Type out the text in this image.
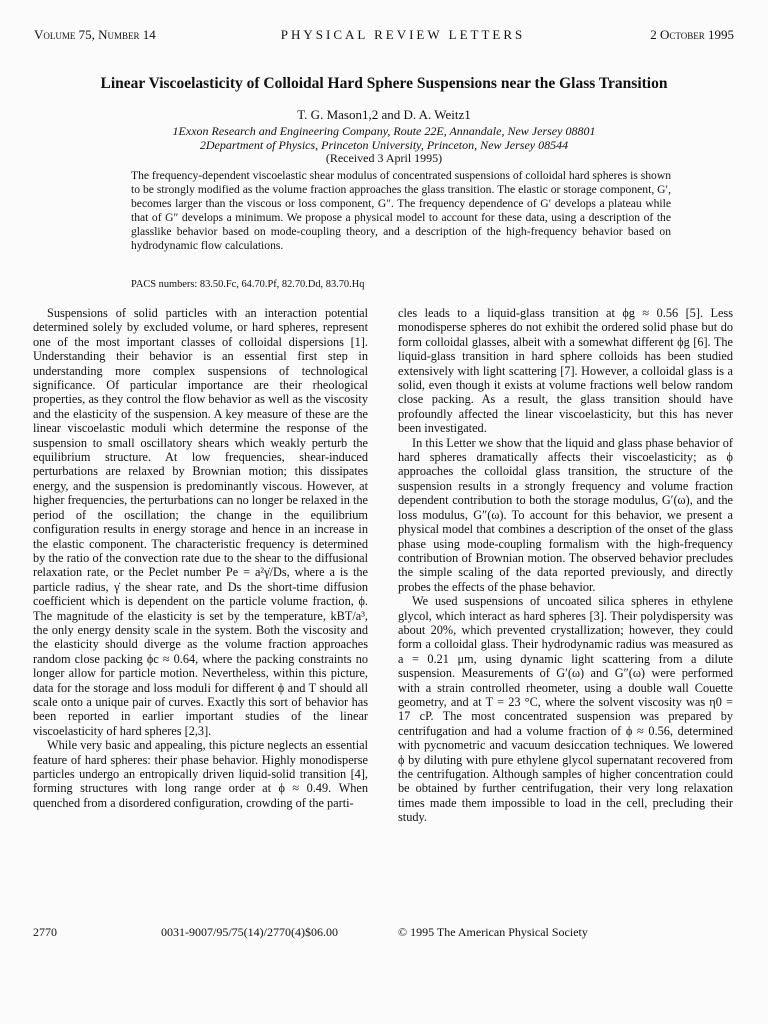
Volume 75, Number 14	PHYSICAL REVIEW LETTERS	2 October 1995
Linear Viscoelasticity of Colloidal Hard Sphere Suspensions near the Glass Transition
T. G. Mason1,2 and D. A. Weitz1
1Exxon Research and Engineering Company, Route 22E, Annandale, New Jersey 08801
2Department of Physics, Princeton University, Princeton, New Jersey 08544
(Received 3 April 1995)
The frequency-dependent viscoelastic shear modulus of concentrated suspensions of colloidal hard spheres is shown to be strongly modified as the volume fraction approaches the glass transition. The elastic or storage component, G′, becomes larger than the viscous or loss component, G″. The frequency dependence of G′ develops a plateau while that of G″ develops a minimum. We propose a physical model to account for these data, using a description of the glasslike behavior based on mode-coupling theory, and a description of the high-frequency behavior based on hydrodynamic flow calculations.
PACS numbers: 83.50.Fc, 64.70.Pf, 82.70.Dd, 83.70.Hq

Suspensions of solid particles with an interaction potential determined solely by excluded volume, or hard spheres, represent one of the most important classes of colloidal dispersions [1]. Understanding their behavior is an essential first step in understanding more complex suspensions of technological significance. Of particular importance are their rheological properties, as they control the flow behavior as well as the viscosity and the elasticity of the suspension. A key measure of these are the linear viscoelastic moduli which determine the response of the suspension to small oscillatory shears which weakly perturb the equilibrium structure. At low frequencies, shear-induced perturbations are relaxed by Brownian motion; this dissipates energy, and the suspension is predominantly viscous. However, at higher frequencies, the perturbations can no longer be relaxed in the period of the oscillation; the change in the equilibrium configuration results in energy storage and hence in an increase in the elastic component. The characteristic frequency is determined by the ratio of the convection rate due to the shear to the diffusional relaxation rate, or the Peclet number Pe = a²γ̇/Ds, where a is the particle radius, γ̇ the shear rate, and Ds the short-time diffusion coefficient which is dependent on the particle volume fraction, ϕ. The magnitude of the elasticity is set by the temperature, kBT/a³, the only energy density scale in the system. Both the viscosity and the elasticity should diverge as the volume fraction approaches random close packing ϕc ≈ 0.64, where the packing constraints no longer allow for particle motion. Nevertheless, within this picture, data for the storage and loss moduli for different ϕ and T should all scale onto a unique pair of curves. Exactly this sort of behavior has been reported in earlier important studies of the linear viscoelasticity of hard spheres [2,3].

While very basic and appealing, this picture neglects an essential feature of hard spheres: their phase behavior. Highly monodisperse particles undergo an entropically driven liquid-solid transition [4], forming structures with long range order at ϕ ≈ 0.49. When quenched from a disordered configuration, crowding of the parti-

cles leads to a liquid-glass transition at ϕg ≈ 0.56 [5]. Less monodisperse spheres do not exhibit the ordered solid phase but do form colloidal glasses, albeit with a somewhat different ϕg [6]. The liquid-glass transition in hard sphere colloids has been studied extensively with light scattering [7]. However, a colloidal glass is a solid, even though it exists at volume fractions well below random close packing. As a result, the glass transition should have profoundly affected the linear viscoelasticity, but this has never been investigated.

In this Letter we show that the liquid and glass phase behavior of hard spheres dramatically affects their viscoelasticity; as ϕ approaches the colloidal glass transition, the structure of the suspension results in a strongly frequency and volume fraction dependent contribution to both the storage modulus, G′(ω), and the loss modulus, G″(ω). To account for this behavior, we present a physical model that combines a description of the onset of the glass phase using mode-coupling formalism with the high-frequency contribution of Brownian motion. The observed behavior precludes the simple scaling of the data reported previously, and directly probes the effects of the phase behavior.

We used suspensions of uncoated silica spheres in ethylene glycol, which interact as hard spheres [3]. Their polydispersity was about 20%, which prevented crystallization; however, they could form a colloidal glass. Their hydrodynamic radius was measured as a = 0.21 μm, using dynamic light scattering from a dilute suspension. Measurements of G′(ω) and G″(ω) were performed with a strain controlled rheometer, using a double wall Couette geometry, and at T = 23 °C, where the solvent viscosity was η0 = 17 cP. The most concentrated suspension was prepared by centrifugation and had a volume fraction of ϕ ≈ 0.56, determined with pycnometric and vacuum desiccation techniques. We lowered ϕ by diluting with pure ethylene glycol supernatant recovered from the centrifugation. Although samples of higher concentration could be obtained by further centrifugation, their very long relaxation times made them impossible to load in the cell, precluding their study.

2770	0031-9007/95/75(14)/2770(4)$06.00	© 1995 The American Physical Society
